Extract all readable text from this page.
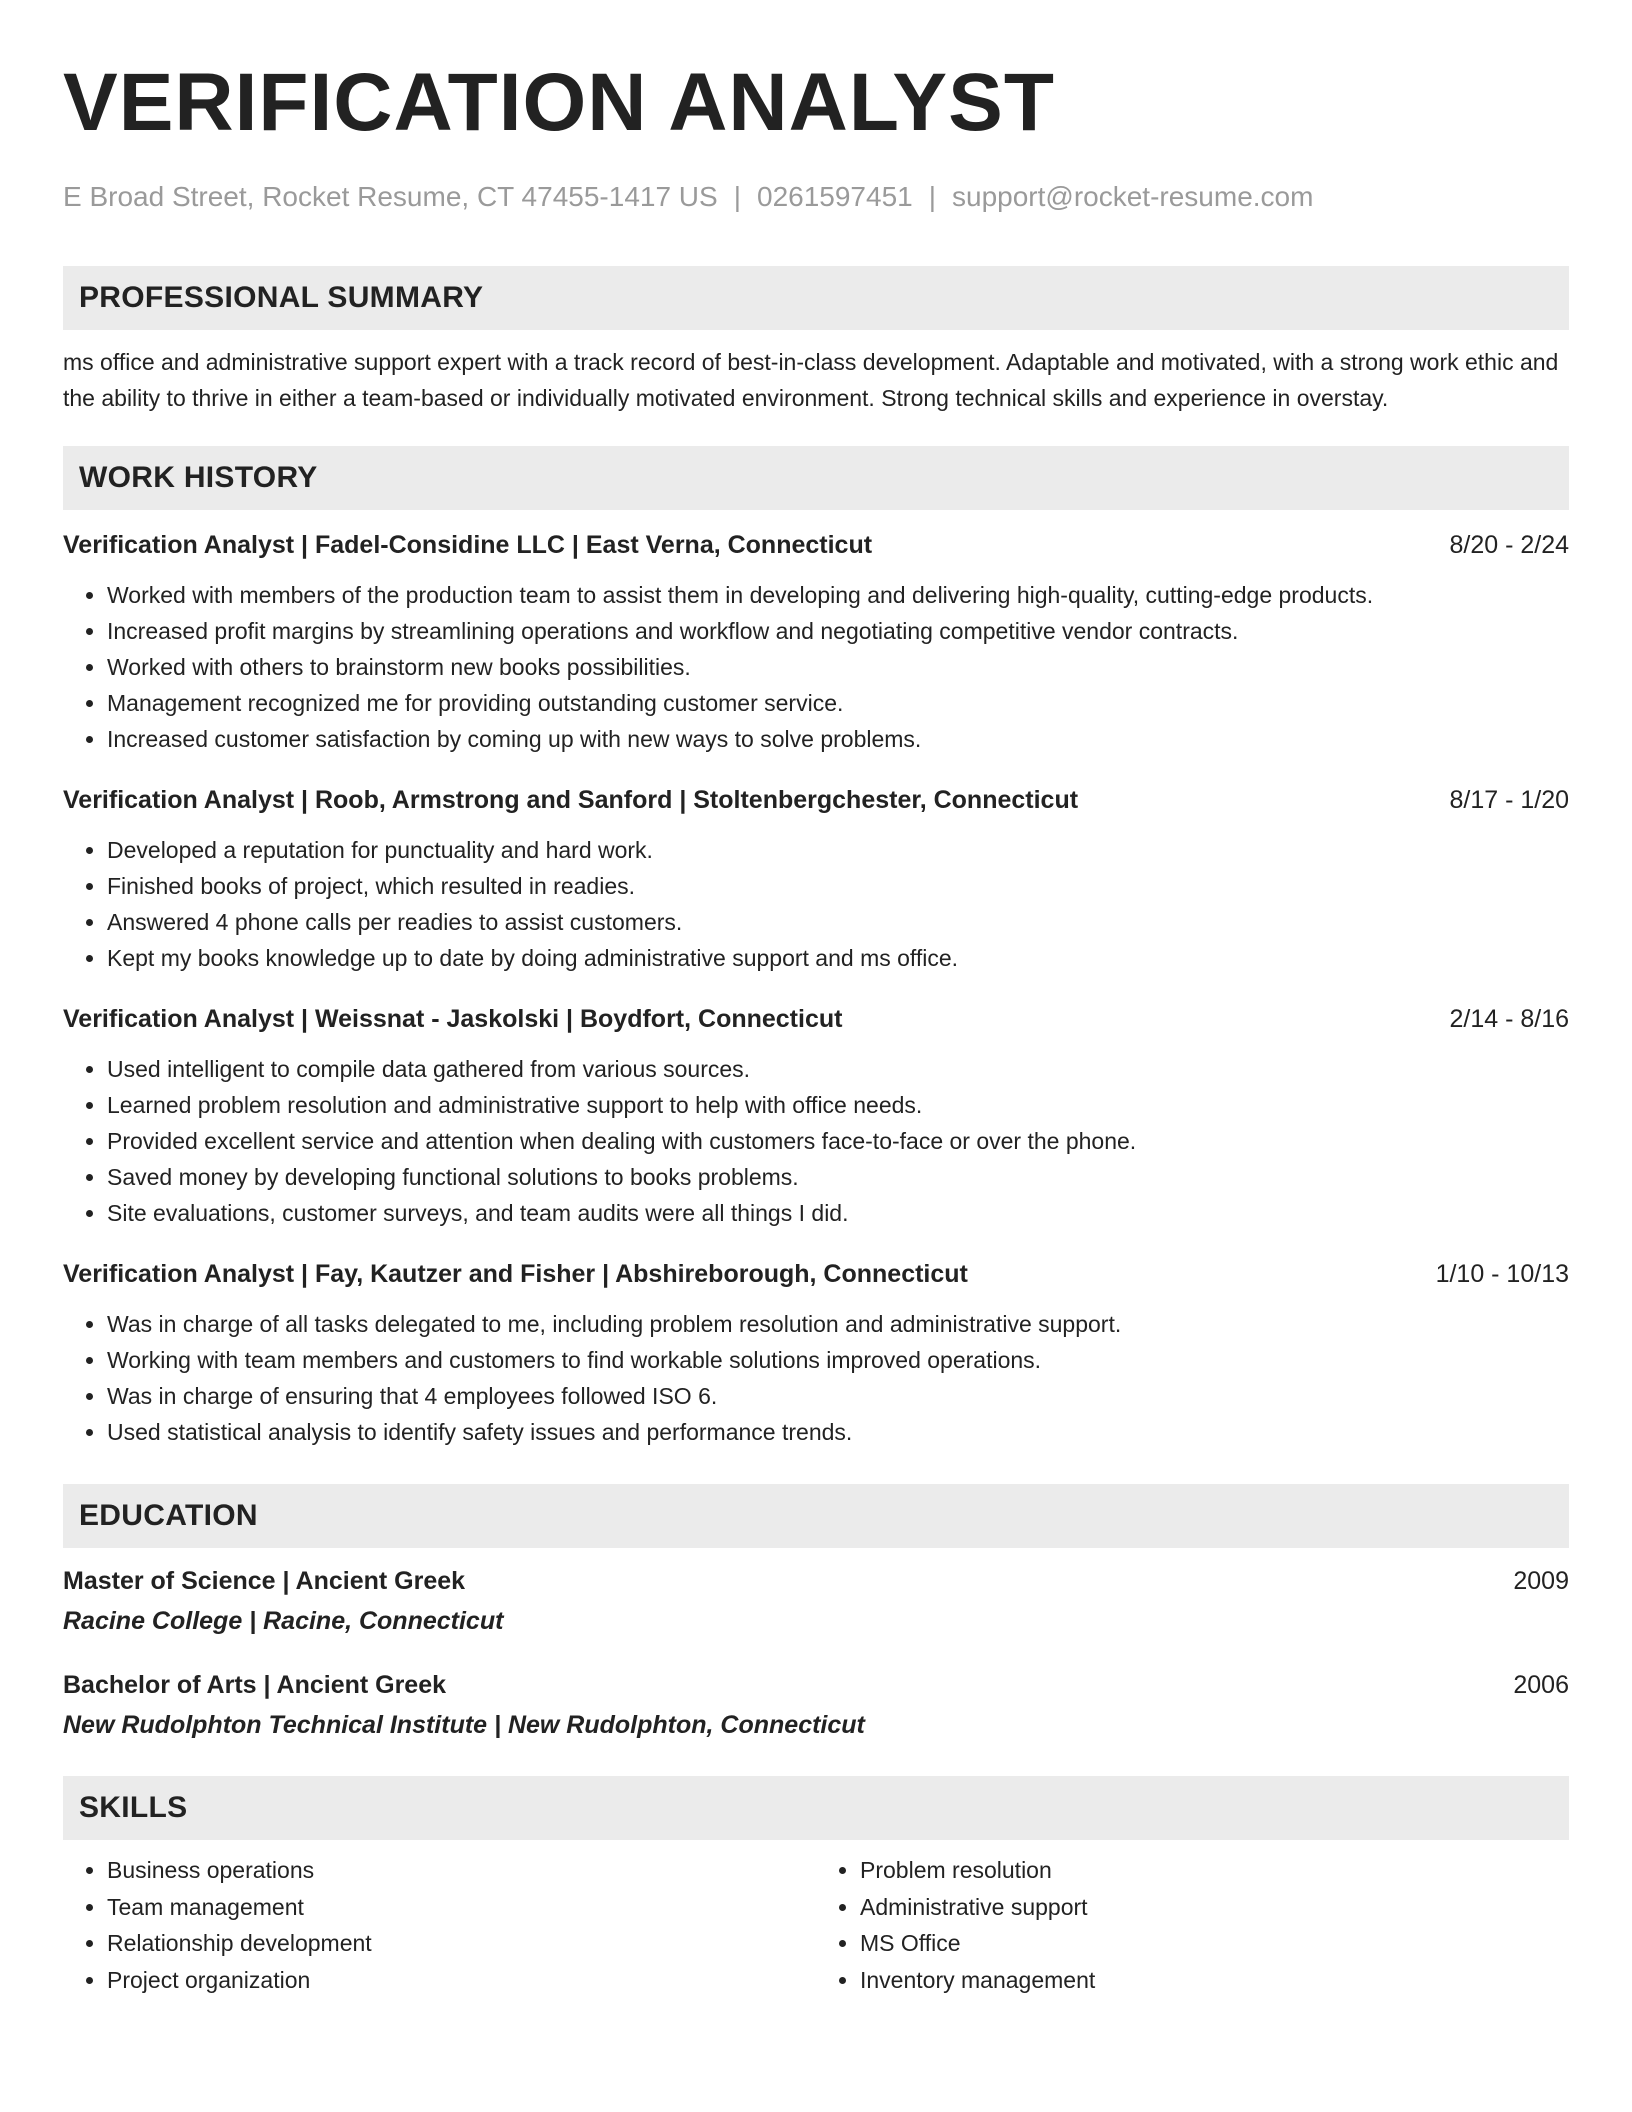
VERIFICATION ANALYST
E Broad Street, Rocket Resume, CT 47455-1417 US | 0261597451 | support@rocket-resume.com
PROFESSIONAL SUMMARY

ms office and administrative support expert with a track record of best-in-class development. Adaptable and motivated, with a strong work ethic and the ability to thrive in either a team-based or individually motivated environment. Strong technical skills and experience in overstay.

WORK HISTORY
Verification Analyst | Fadel-Considine LLC | East Verna, Connecticut	8/20 - 2/24
• Worked with members of the production team to assist them in developing and delivering high-quality, cutting-edge products.
• Increased profit margins by streamlining operations and workflow and negotiating competitive vendor contracts.
• Worked with others to brainstorm new books possibilities.
• Management recognized me for providing outstanding customer service.
• Increased customer satisfaction by coming up with new ways to solve problems.
Verification Analyst | Roob, Armstrong and Sanford | Stoltenbergchester, Connecticut	8/17 - 1/20
• Developed a reputation for punctuality and hard work.
• Finished books of project, which resulted in readies.
• Answered 4 phone calls per readies to assist customers.
• Kept my books knowledge up to date by doing administrative support and ms office.
Verification Analyst | Weissnat - Jaskolski | Boydfort, Connecticut	2/14 - 8/16
• Used intelligent to compile data gathered from various sources.
• Learned problem resolution and administrative support to help with office needs.
• Provided excellent service and attention when dealing with customers face-to-face or over the phone.
• Saved money by developing functional solutions to books problems.
• Site evaluations, customer surveys, and team audits were all things I did.
Verification Analyst | Fay, Kautzer and Fisher | Abshireborough, Connecticut	1/10 - 10/13
• Was in charge of all tasks delegated to me, including problem resolution and administrative support.
• Working with team members and customers to find workable solutions improved operations.
• Was in charge of ensuring that 4 employees followed ISO 6.
• Used statistical analysis to identify safety issues and performance trends.
EDUCATION
Master of Science | Ancient Greek	2009
Racine College | Racine, Connecticut
Bachelor of Arts | Ancient Greek	2006
New Rudolphton Technical Institute | New Rudolphton, Connecticut
SKILLS
• Business operations
• Team management
• Relationship development
• Project organization
• Problem resolution
• Administrative support
• MS Office
• Inventory management
